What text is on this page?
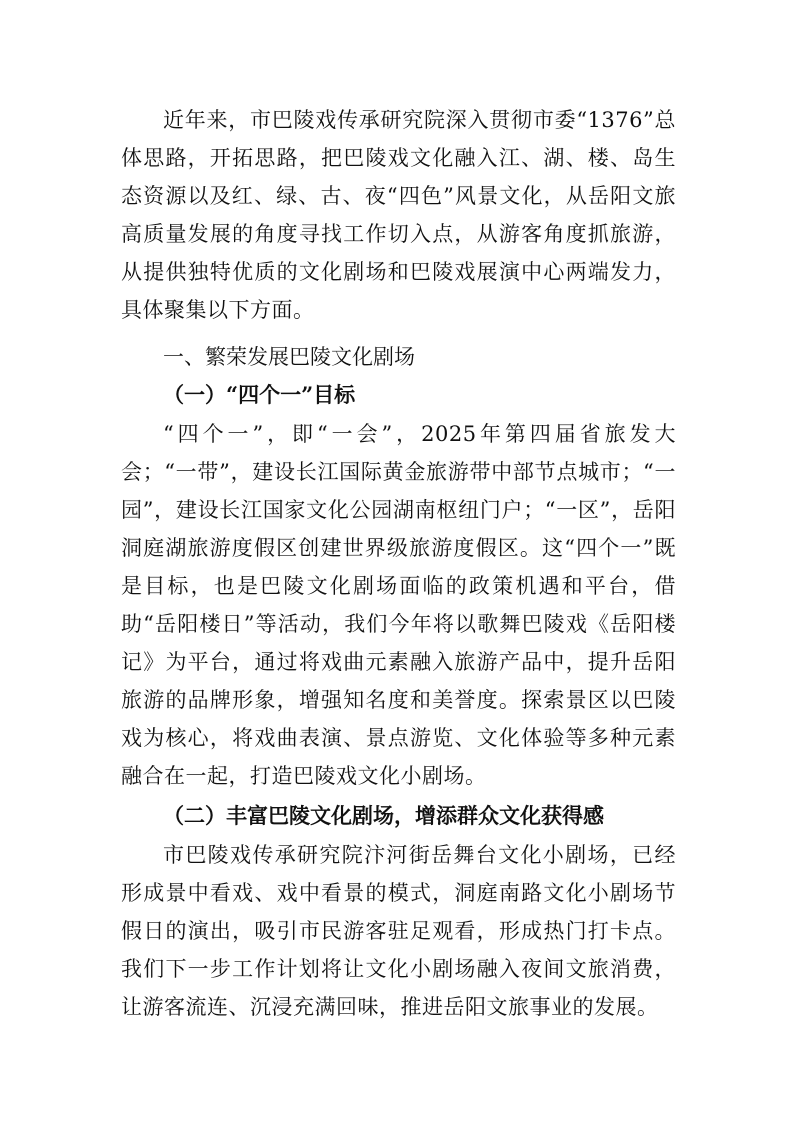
近年来，市巴陵戏传承研究院深入贯彻市委“1376”总体思路，开拓思路，把巴陵戏文化融入江、湖、楼、岛生态资源以及红、绿、古、夜“四色”风景文化，从岳阳文旅高质量发展的角度寻找工作切入点，从游客角度抓旅游，从提供独特优质的文化剧场和巴陵戏展演中心两端发力，具体聚集以下方面。

一、繁荣发展巴陵文化剧场
（一）“四个一”目标

“四个一”，即“一会”，2025年第四届省旅发大会；“一带”，建设长江国际黄金旅游带中部节点城市；“一园”，建设长江国家文化公园湖南枢纽门户；“一区”，岳阳洞庭湖旅游度假区创建世界级旅游度假区。这“四个一”既是目标，也是巴陵文化剧场面临的政策机遇和平台，借助“岳阳楼日”等活动，我们今年将以歌舞巴陵戏《岳阳楼记》为平台，通过将戏曲元素融入旅游产品中，提升岳阳旅游的品牌形象，增强知名度和美誉度。探索景区以巴陵戏为核心，将戏曲表演、景点游览、文化体验等多种元素融合在一起，打造巴陵戏文化小剧场。

（二）丰富巴陵文化剧场，增添群众文化获得感

市巴陵戏传承研究院汴河街岳舞台文化小剧场，已经形成景中看戏、戏中看景的模式，洞庭南路文化小剧场节假日的演出，吸引市民游客驻足观看，形成热门打卡点。我们下一步工作计划将让文化小剧场融入夜间文旅消费，让游客流连、沉浸充满回味，推进岳阳文旅事业的发展。
